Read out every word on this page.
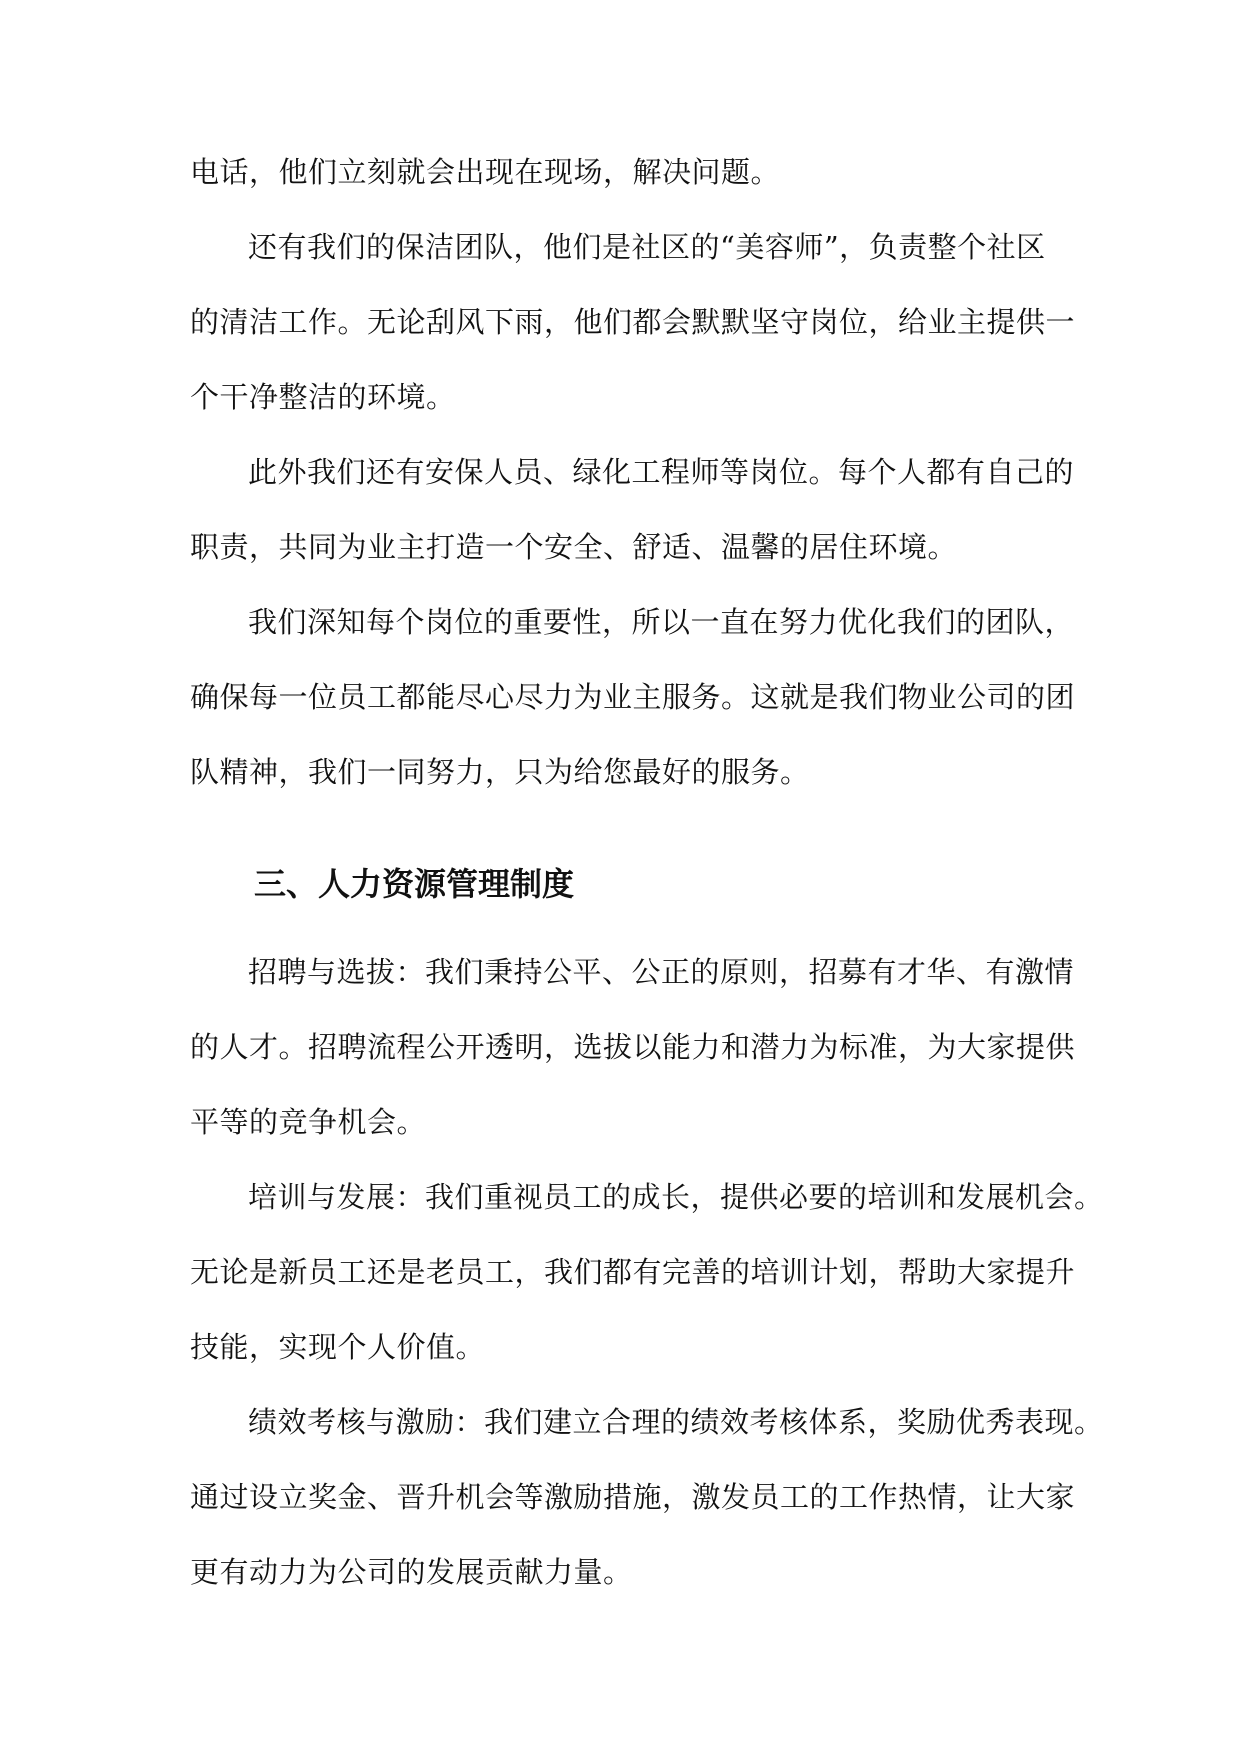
电话，他们立刻就会出现在现场，解决问题。
还有我们的保洁团队，他们是社区的“美容师”，负责整个社区
的清洁工作。无论刮风下雨，他们都会默默坚守岗位，给业主提供一
个干净整洁的环境。
此外我们还有安保人员、绿化工程师等岗位。每个人都有自己的
职责，共同为业主打造一个安全、舒适、温馨的居住环境。
我们深知每个岗位的重要性，所以一直在努力优化我们的团队，
确保每一位员工都能尽心尽力为业主服务。这就是我们物业公司的团
队精神，我们一同努力，只为给您最好的服务。
三、人力资源管理制度
招聘与选拔：我们秉持公平、公正的原则，招募有才华、有激情
的人才。招聘流程公开透明，选拔以能力和潜力为标准，为大家提供
平等的竞争机会。
培训与发展：我们重视员工的成长，提供必要的培训和发展机会。
无论是新员工还是老员工，我们都有完善的培训计划，帮助大家提升
技能，实现个人价值。
绩效考核与激励：我们建立合理的绩效考核体系，奖励优秀表现。
通过设立奖金、晋升机会等激励措施，激发员工的工作热情，让大家
更有动力为公司的发展贡献力量。
